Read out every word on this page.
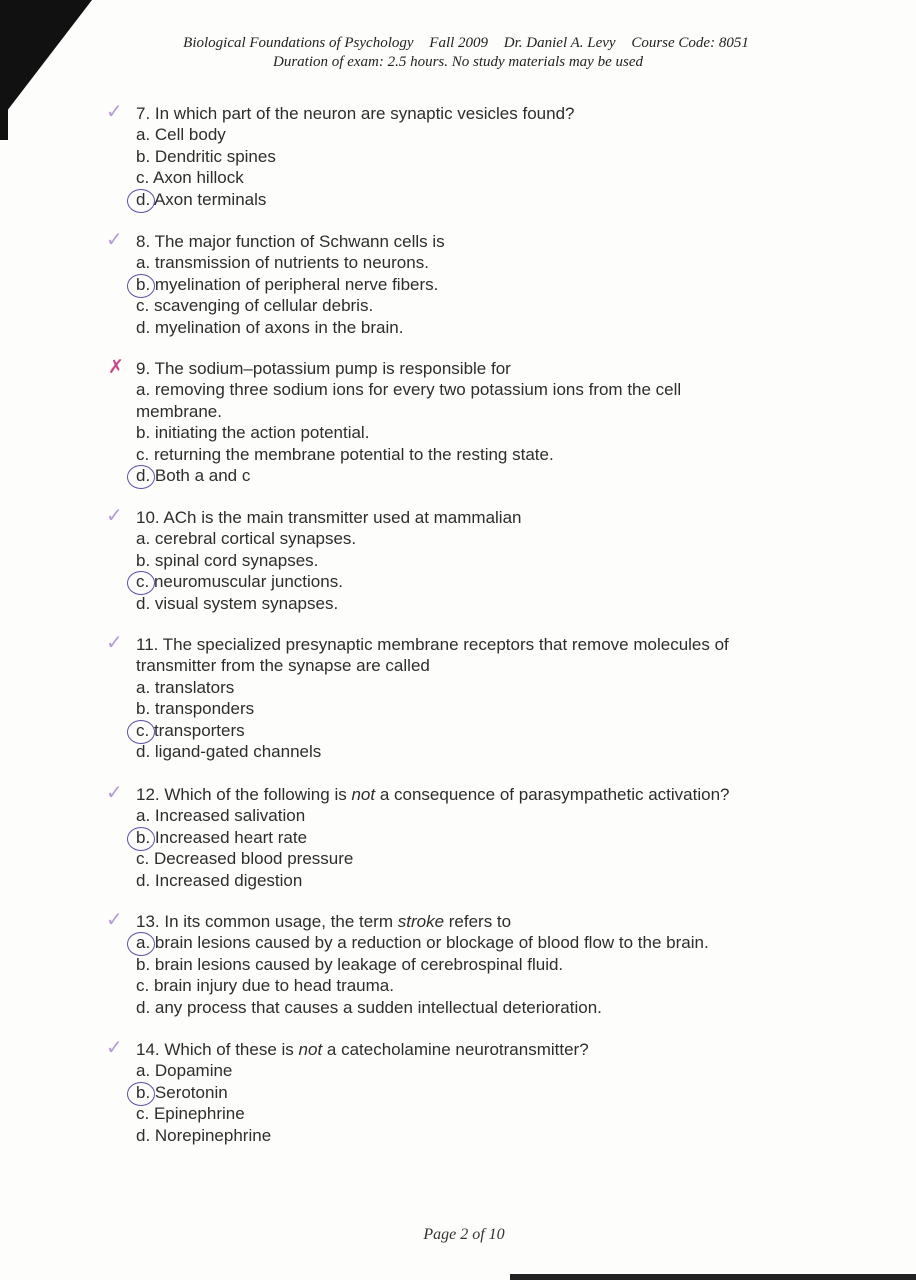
Biological Foundations of Psychology Fall 2009 Dr. Daniel A. Levy Course Code: 8051
Duration of exam: 2.5 hours. No study materials may be used
✓ 7. In which part of the neuron are synaptic vesicles found?
a. Cell body
b. Dendritic spines
c. Axon hillock
d. Axon terminals
✓ 8. The major function of Schwann cells is
a. transmission of nutrients to neurons.
b. myelination of peripheral nerve fibers.
c. scavenging of cellular debris.
d. myelination of axons in the brain.
✗ 9. The sodium–potassium pump is responsible for
a. removing three sodium ions for every two potassium ions from the cell membrane.
b. initiating the action potential.
c. returning the membrane potential to the resting state.
d. Both a and c
✓ 10. ACh is the main transmitter used at mammalian
a. cerebral cortical synapses.
b. spinal cord synapses.
c. neuromuscular junctions.
d. visual system synapses.
✓ 11. The specialized presynaptic membrane receptors that remove molecules of transmitter from the synapse are called
a. translators
b. transponders
c. transporters
d. ligand-gated channels
✓ 12. Which of the following is not a consequence of parasympathetic activation?
a. Increased salivation
b. Increased heart rate
c. Decreased blood pressure
d. Increased digestion
✓ 13. In its common usage, the term stroke refers to
a. brain lesions caused by a reduction or blockage of blood flow to the brain.
b. brain lesions caused by leakage of cerebrospinal fluid.
c. brain injury due to head trauma.
d. any process that causes a sudden intellectual deterioration.
✓ 14. Which of these is not a catecholamine neurotransmitter?
a. Dopamine
b. Serotonin
c. Epinephrine
d. Norepinephrine
Page 2 of 10
